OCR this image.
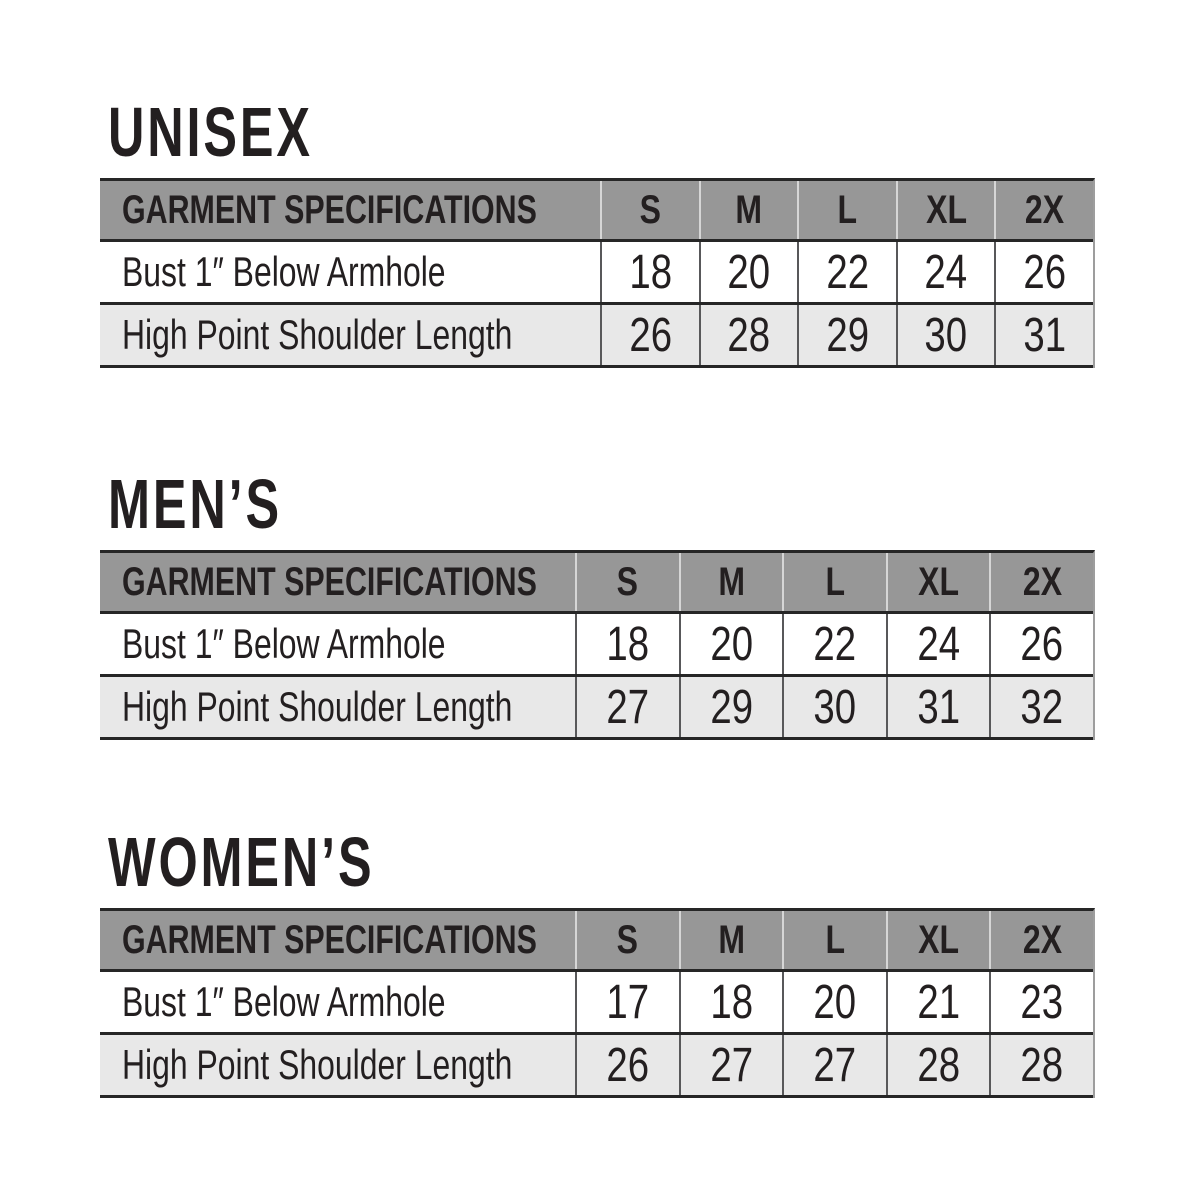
UNISEX
GARMENT SPECIFICATIONS	S M L XL 2X
Bust 1″ Below Armhole	18 20 22 24 26
High Point Shoulder Length 26 28 29 30 31
MEN’S
GARMENT SPECIFICATIONS S M L XL 2X
Bust 1″ Below Armhole	18 20 22 24 26
High Point Shoulder Length 27 29 30 31 32
WOMEN’S
GARMENT SPECIFICATIONS S M L XL 2X
Bust 1″ Below Armhole	17 18 20 21 23
High Point Shoulder Length 26 27 27 28 28
